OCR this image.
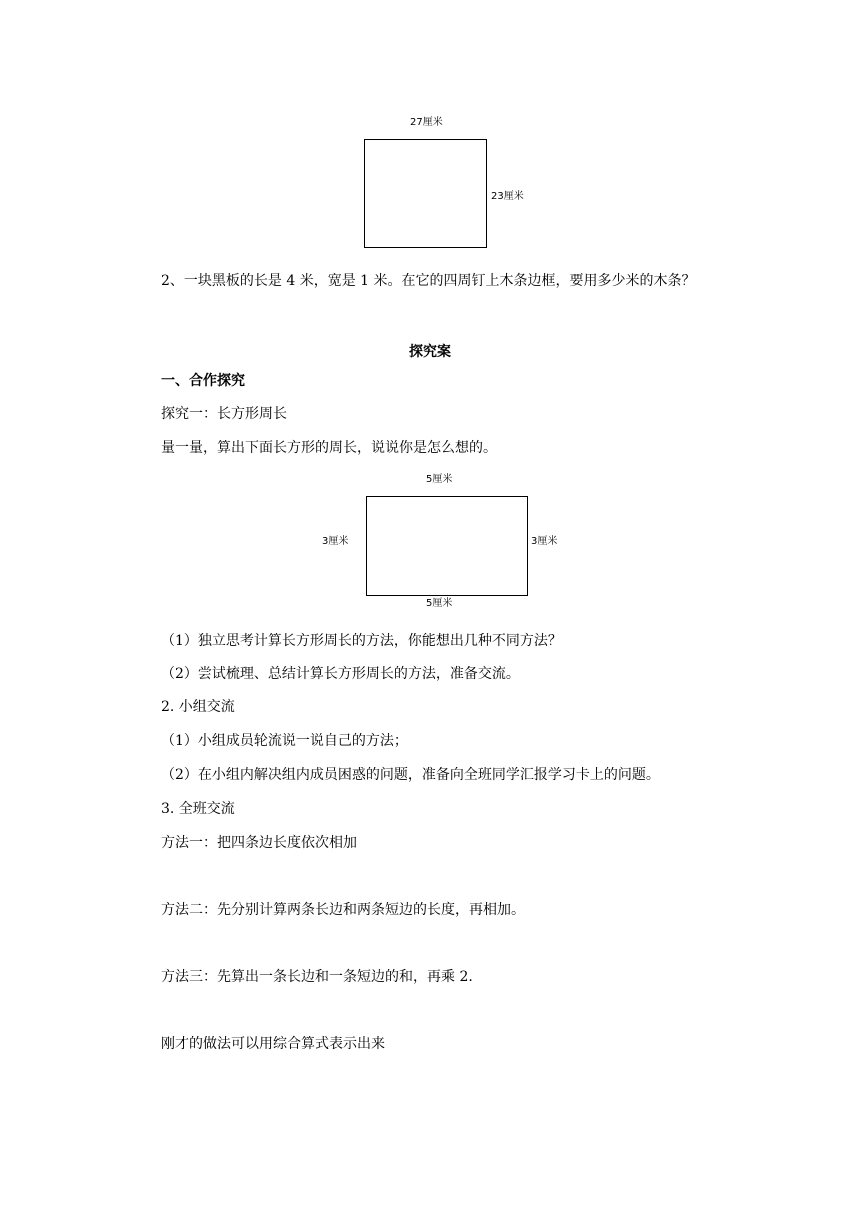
27厘米
23厘米
2、一块黑板的长是 4 米，宽是 1 米。在它的四周钉上木条边框，要用多少米的木条？
探究案
一、合作探究
探究一：长方形周长
量一量，算出下面长方形的周长，说说你是怎么想的。
5厘米
3厘米	3厘米
5厘米
（1）独立思考计算长方形周长的方法，你能想出几种不同方法？
（2）尝试梳理、总结计算长方形周长的方法，准备交流。
2. 小组交流
（1）小组成员轮流说一说自己的方法；
（2）在小组内解决组内成员困惑的问题，准备向全班同学汇报学习卡上的问题。
3. 全班交流
方法一：把四条边长度依次相加
方法二：先分别计算两条长边和两条短边的长度，再相加。
方法三：先算出一条长边和一条短边的和，再乘 2.
刚才的做法可以用综合算式表示出来
